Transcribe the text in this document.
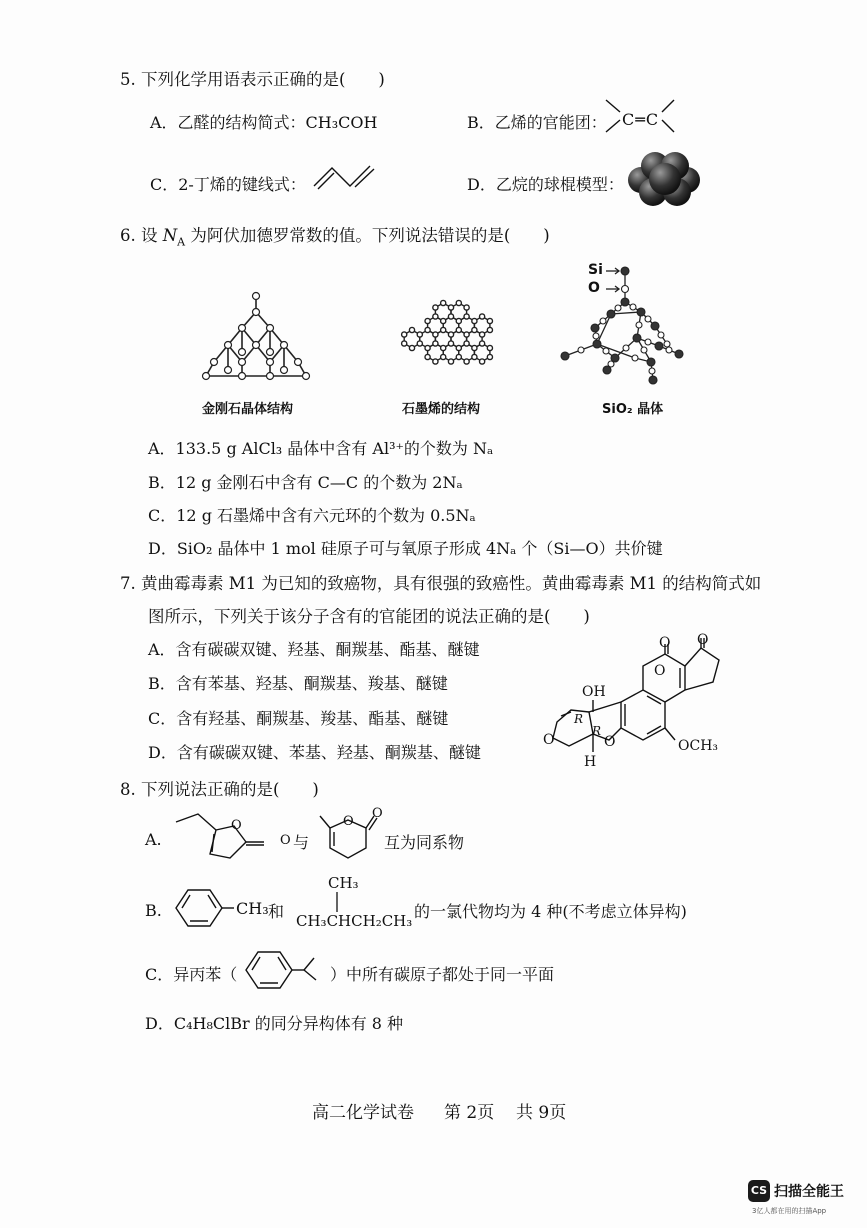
5. 下列化学用语表示正确的是(　　)
A．乙醛的结构简式：CH₃COH	B．乙烯的官能团： C═C
C．2-丁烯的键线式：	D．乙烷的球棍模型：
6. 设 $N_A$ 为阿伏加德罗常数的值。下列说法错误的是(　　)
金刚石晶体结构	石墨烯的结构
Si
O
SiO₂ 晶体
A．133.5 g AlCl₃ 晶体中含有 Al³⁺的个数为 Nₐ
B．12 g 金刚石中含有 C—C 的个数为 2Nₐ
C．12 g 石墨烯中含有六元环的个数为 0.5Nₐ
D．SiO₂ 晶体中 1 mol 硅原子可与氧原子形成 4Nₐ 个（Si—O）共价键
7. 黄曲霉毒素 M1 为已知的致癌物，具有很强的致癌性。黄曲霉毒素 M1 的结构简式如
图所示，下列关于该分子含有的官能团的说法正确的是(　　)
A．含有碳碳双键、羟基、酮羰基、酯基、醚键
B．含有苯基、羟基、酮羰基、羧基、醚键
C．含有羟基、酮羰基、羧基、酯基、醚键
D．含有碳碳双键、苯基、羟基、酮羰基、醚键
OH
O
O O
O
O
R
R
H
OCH₃
8. 下列说法正确的是(　　)
A.
O
O 与
O
O
互为同系物
B.	CH₃ 和
CH₃
CH₃CHCH₂CH₃ 的一氯代物均为 4 种(不考虑立体异构)
C．异丙苯（	）中所有碳原子都处于同一平面
D．C₄H₈ClBr 的同分异构体有 8 种
高二化学试卷 第 2页 共 9页
CS 扫描全能王
3亿人都在用的扫描App
